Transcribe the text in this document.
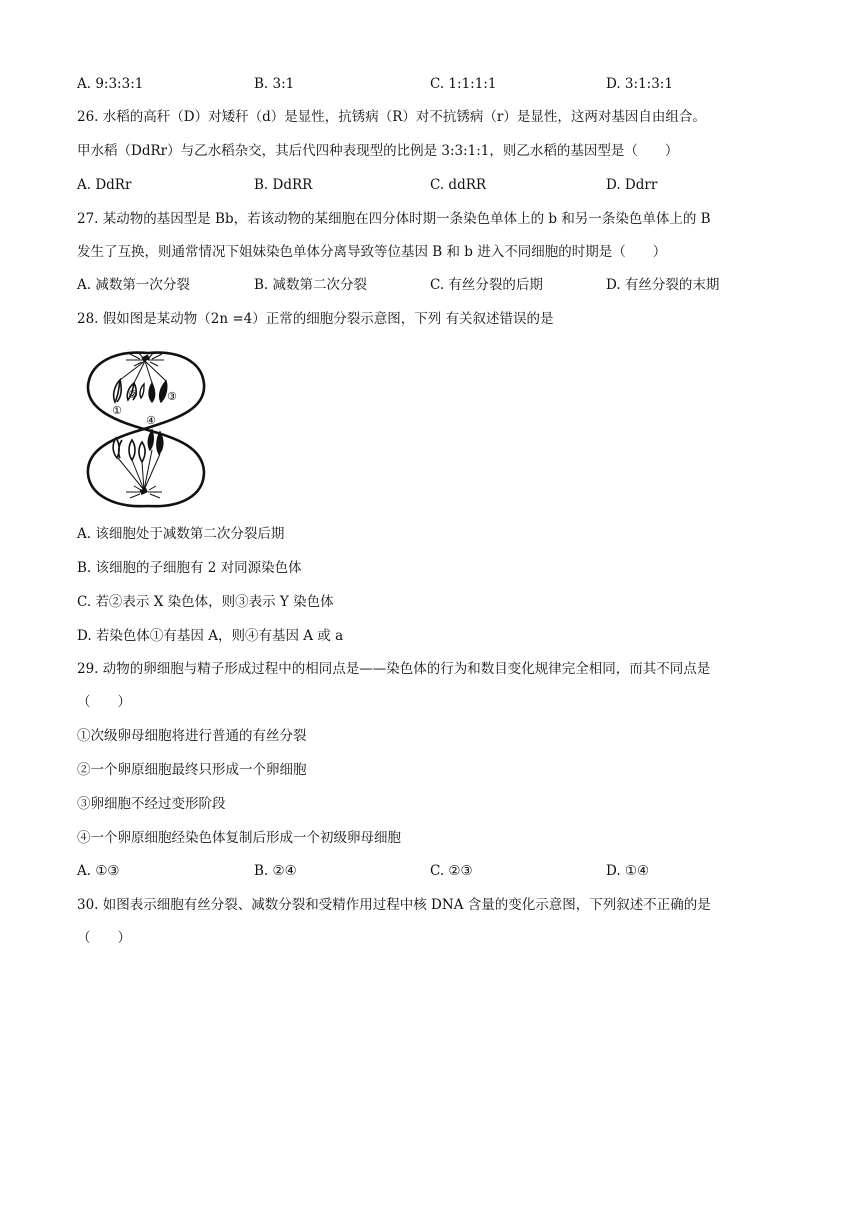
A. 9:3:3:1	B. 3:1	C. 1:1:1:1	D. 3:1:3:1
26. 水稻的高秆（D）对矮秆（d）是显性，抗锈病（R）对不抗锈病（r）是显性，这两对基因自由组合。
甲水稻（DdRr）与乙水稻杂交，其后代四种表现型的比例是 3:3:1:1，则乙水稻的基因型是（　　）
A. DdRr	B. DdRR	C. ddRR	D. Ddrr
27. 某动物的基因型是 Bb，若该动物的某细胞在四分体时期一条染色单体上的 b 和另一条染色单体上的 B
发生了互换，则通常情况下姐妹染色单体分离导致等位基因 B 和 b 进入不同细胞的时期是（　　）
A. 减数第一次分裂	B. 减数第二次分裂	C. 有丝分裂的后期	D. 有丝分裂的末期
28. 假如图是某动物（2n =4）正常的细胞分裂示意图，下列 有关叙述错误的是
②	③
①
④
A. 该细胞处于减数第二次分裂后期
B. 该细胞的子细胞有 2 对同源染色体
C. 若②表示 X 染色体，则③表示 Y 染色体
D. 若染色体①有基因 A，则④有基因 A 或 a
29. 动物的卵细胞与精子形成过程中的相同点是——染色体的行为和数目变化规律完全相同，而其不同点是
（　　）
①次级卵母细胞将进行普通的有丝分裂
②一个卵原细胞最终只形成一个卵细胞
③卵细胞不经过变形阶段
④一个卵原细胞经染色体复制后形成一个初级卵母细胞
A. ①③	B. ②④	C. ②③	D. ①④
30. 如图表示细胞有丝分裂、减数分裂和受精作用过程中核 DNA 含量的变化示意图，下列叙述不正确的是
（　　）
